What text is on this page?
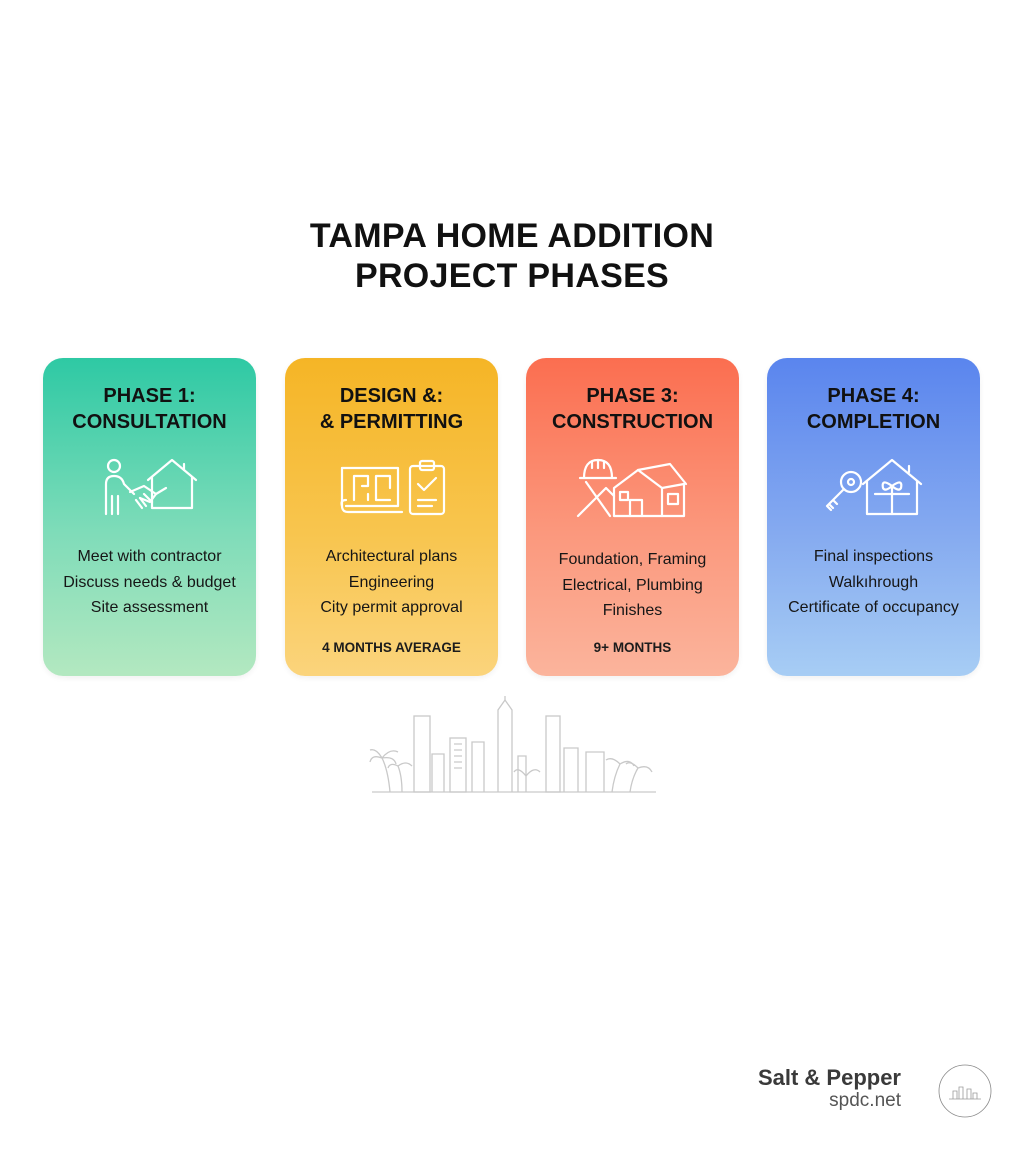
TAMPA HOME ADDITION
PROJECT PHASES
PHASE 1:
CONSULTATION
Meet with contractor
Discuss needs & budget
Site assessment
DESIGN &:
& PERMITTING
Architectural plans
Engineering
City permit approval
4 MONTHS AVERAGE
PHASE 3:
CONSTRUCTION
Foundation, Framing
Electrical, Plumbing
Finishes
9+ MONTHS
PHASE 4:
COMPLETION
Final inspections
Walkıhrough
Certificate of occupancy
Salt & Pepper
spdc.net
